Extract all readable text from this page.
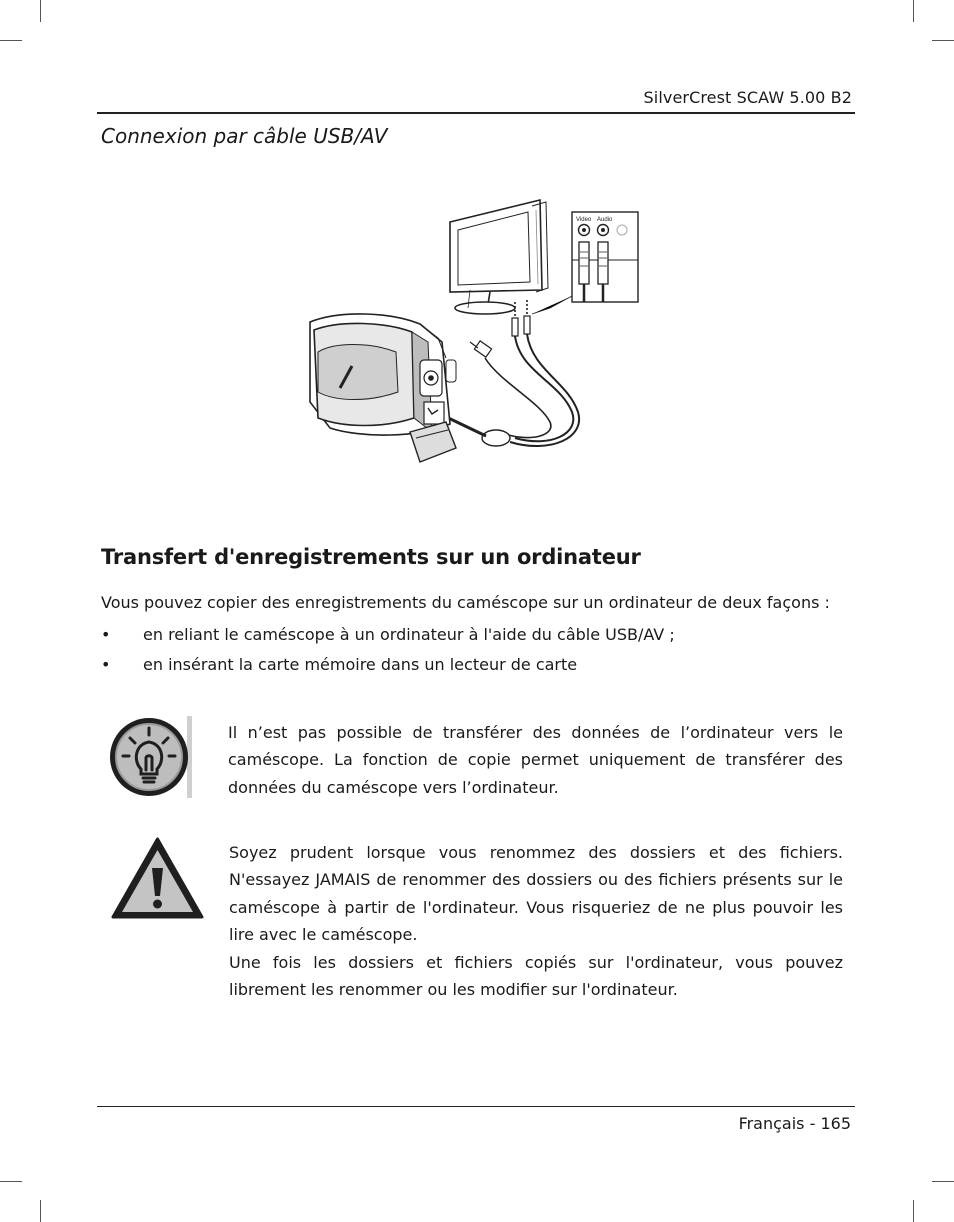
SilverCrest SCAW 5.00 B2
Connexion par câble USB/AV
Video Audio
Transfert d'enregistrements sur un ordinateur
Vous pouvez copier des enregistrements du caméscope sur un ordinateur de deux façons :
• en reliant le caméscope à un ordinateur à l'aide du câble USB/AV ;
• en insérant la carte mémoire dans un lecteur de carte

Il n’est pas possible de transférer des données de l’ordinateur vers le caméscope. La fonction de copie permet uniquement de transférer des données du caméscope vers l’ordinateur.

Soyez prudent lorsque vous renommez des dossiers et des fichiers. N'essayez JAMAIS de renommer des dossiers ou des fichiers présents sur le caméscope à partir de l'ordinateur. Vous risqueriez de ne plus pouvoir les lire avec le caméscope.

Une fois les dossiers et fichiers copiés sur l'ordinateur, vous pouvez librement les renommer ou les modifier sur l'ordinateur.

Français - 165
